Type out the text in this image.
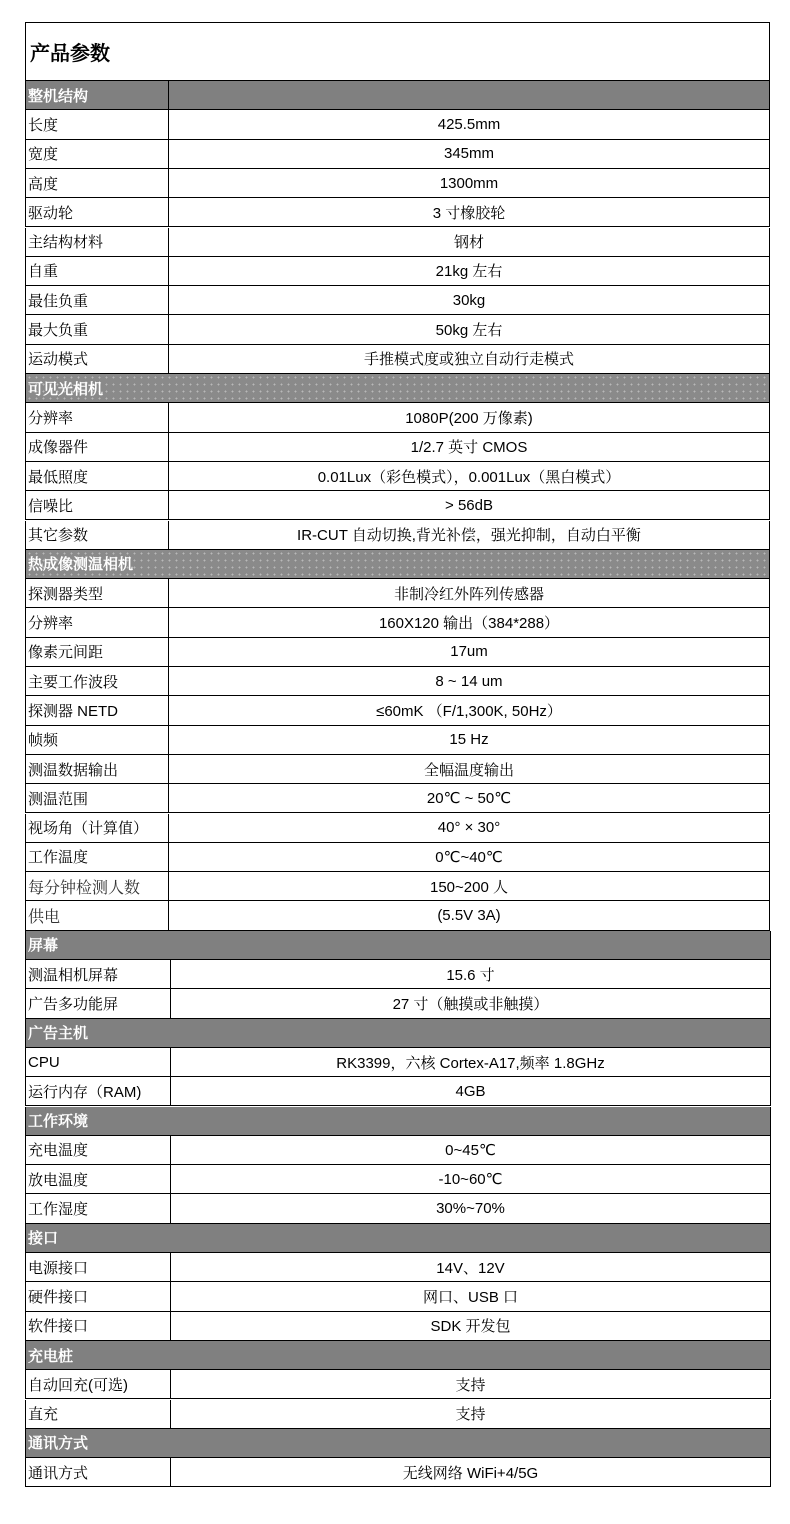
产品参数
整机结构
长度	425.5mm
宽度	345mm
高度	1300mm
驱动轮	3 寸橡胶轮
主结构材料	钢材
自重	21kg 左右
最佳负重	30kg
最大负重	50kg 左右
运动模式	手推模式度或独立自动行走模式
可见光相机
分辨率	1080P(200 万像素)
成像器件	1/2.7 英寸 CMOS
最低照度	0.01Lux（彩色模式），0.001Lux（黑白模式）
信噪比	> 56dB
其它参数	IR-CUT 自动切换,背光补偿，强光抑制，自动白平衡
热成像测温相机
探测器类型	非制冷红外阵列传感器
分辨率	160X120 输出（384*288）
像素元间距	17um
主要工作波段	8 ~ 14 um
探测器 NETD	≤60mK （F/1,300K, 50Hz）
帧频	15 Hz
测温数据输出	全幅温度输出
测温范围	20℃ ~ 50℃
视场角（计算值）	40° × 30°
工作温度	0℃~40℃
每分钟检测人数	150~200 人
供电	(5.5V 3A)
屏幕
测温相机屏幕	15.6 寸
广告多功能屏	27 寸（触摸或非触摸）
广告主机
CPU	RK3399，六核 Cortex-A17,频率 1.8GHz
运行内存（RAM)	4GB
工作环境
充电温度	0~45℃
放电温度	-10~60℃
工作湿度	30%~70%
接口
电源接口	14V、12V
硬件接口	网口、USB 口
软件接口	SDK 开发包
充电桩
自动回充(可选)	支持
直充	支持
通讯方式
通讯方式	无线网络 WiFi+4/5G
